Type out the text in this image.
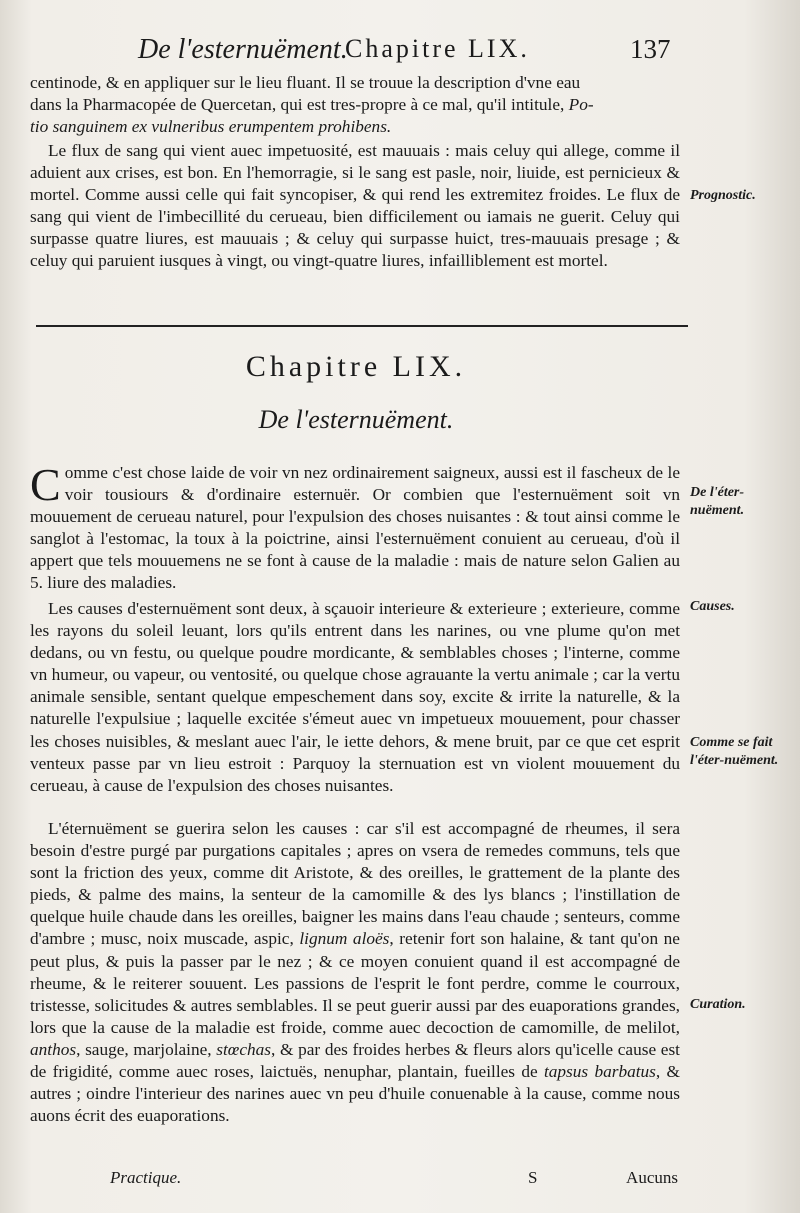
De l'esternuëment.
Chapitre LIX.	137
centinode, & en appliquer sur le lieu fluant. Il se trouue la description d'vne eau
dans la Pharmacopée de Quercetan, qui est tres-propre à ce mal, qu'il intitule, Po-
tio sanguinem ex vulneribus erumpentem prohibens.
Le flux de sang qui vient auec impetuosité, est mauuais : mais celuy qui allege, comme il aduient aux crises, est bon. En l'hemorragie, si le sang est pasle, noir, liuide, est pernicieux & mortel. Comme aussi celle qui fait syncopiser, & qui rend les extremitez froides. Le flux de sang qui vient de l'imbecillité du cerueau, bien difficilement ou iamais ne guerit. Celuy qui surpasse quatre liures, est mauuais ; & celuy qui surpasse huict, tres-mauuais presage ; & celuy qui paruient iusques à vingt, ou vingt-quatre liures, infailliblement est mortel.
Chapitre LIX.
De l'esternuëment.
Comme c'est chose laide de voir vn nez ordinairement saigneux, aussi est il fascheux de le voir tousiours & d'ordinaire esternuër. Or combien que l'esternuëment soit vn mouuement de cerueau naturel, pour l'expulsion des choses nuisantes : & tout ainsi comme le sanglot à l'estomac, la toux à la poictrine, ainsi l'esternuëment conuient au cerueau, d'où il appert que tels mouuemens ne se font à cause de la maladie : mais de nature selon Galien au 5. liure des maladies.
Les causes d'esternuëment sont deux, à sçauoir interieure & exterieure ; exterieure, comme les rayons du soleil leuant, lors qu'ils entrent dans les narines, ou vne plume qu'on met dedans, ou vn festu, ou quelque poudre mordicante, & semblables choses ; l'interne, comme vn humeur, ou vapeur, ou ventosité, ou quelque chose agrauante la vertu animale ; car la vertu animale sensible, sentant quelque empeschement dans soy, excite & irrite la naturelle, & la naturelle l'expulsiue ; laquelle excitée s'émeut auec vn impetueux mouuement, pour chasser les choses nuisibles, & meslant auec l'air, le iette dehors, & mene bruit, par ce que cet esprit venteux passe par vn lieu estroit : Parquoy la sternuation est vn violent mouuement du cerueau, à cause de l'expulsion des choses nuisantes.
L'éternuëment se guerira selon les causes : car s'il est accompagné de rheumes, il sera besoin d'estre purgé par purgations capitales ; apres on vsera de remedes communs, tels que sont la friction des yeux, comme dit Aristote, & des oreilles, le grattement de la plante des pieds, & palme des mains, la senteur de la camomille & des lys blancs ; l'instillation de quelque huile chaude dans les oreilles, baigner les mains dans l'eau chaude ; senteurs, comme d'ambre ; musc, noix muscade, aspic, lignum aloës, retenir fort son halaine, & tant qu'on ne peut plus, & puis la passer par le nez ; & ce moyen conuient quand il est accompagné de rheume, & le reiterer souuent. Les passions de l'esprit le font perdre, comme le courroux, tristesse, solicitudes & autres semblables. Il se peut guerir aussi par des euaporations grandes, lors que la cause de la maladie est froide, comme auec decoction de camomille, de melilot, anthos, sauge, marjolaine, stœchas, & par des froides herbes & fleurs alors qu'icelle cause est de frigidité, comme auec roses, laictuës, nenuphar, plantain, fueilles de tapsus barbatus, & autres ; oindre l'interieur des narines auec vn peu d'huile conuenable à la cause, comme nous auons écrit des euaporations.
Prognostic.
De l'éter-nuëment.
Causes.
Comme se fait l'éter-nuëment.
Curation.
Practique.	S	Aucuns
